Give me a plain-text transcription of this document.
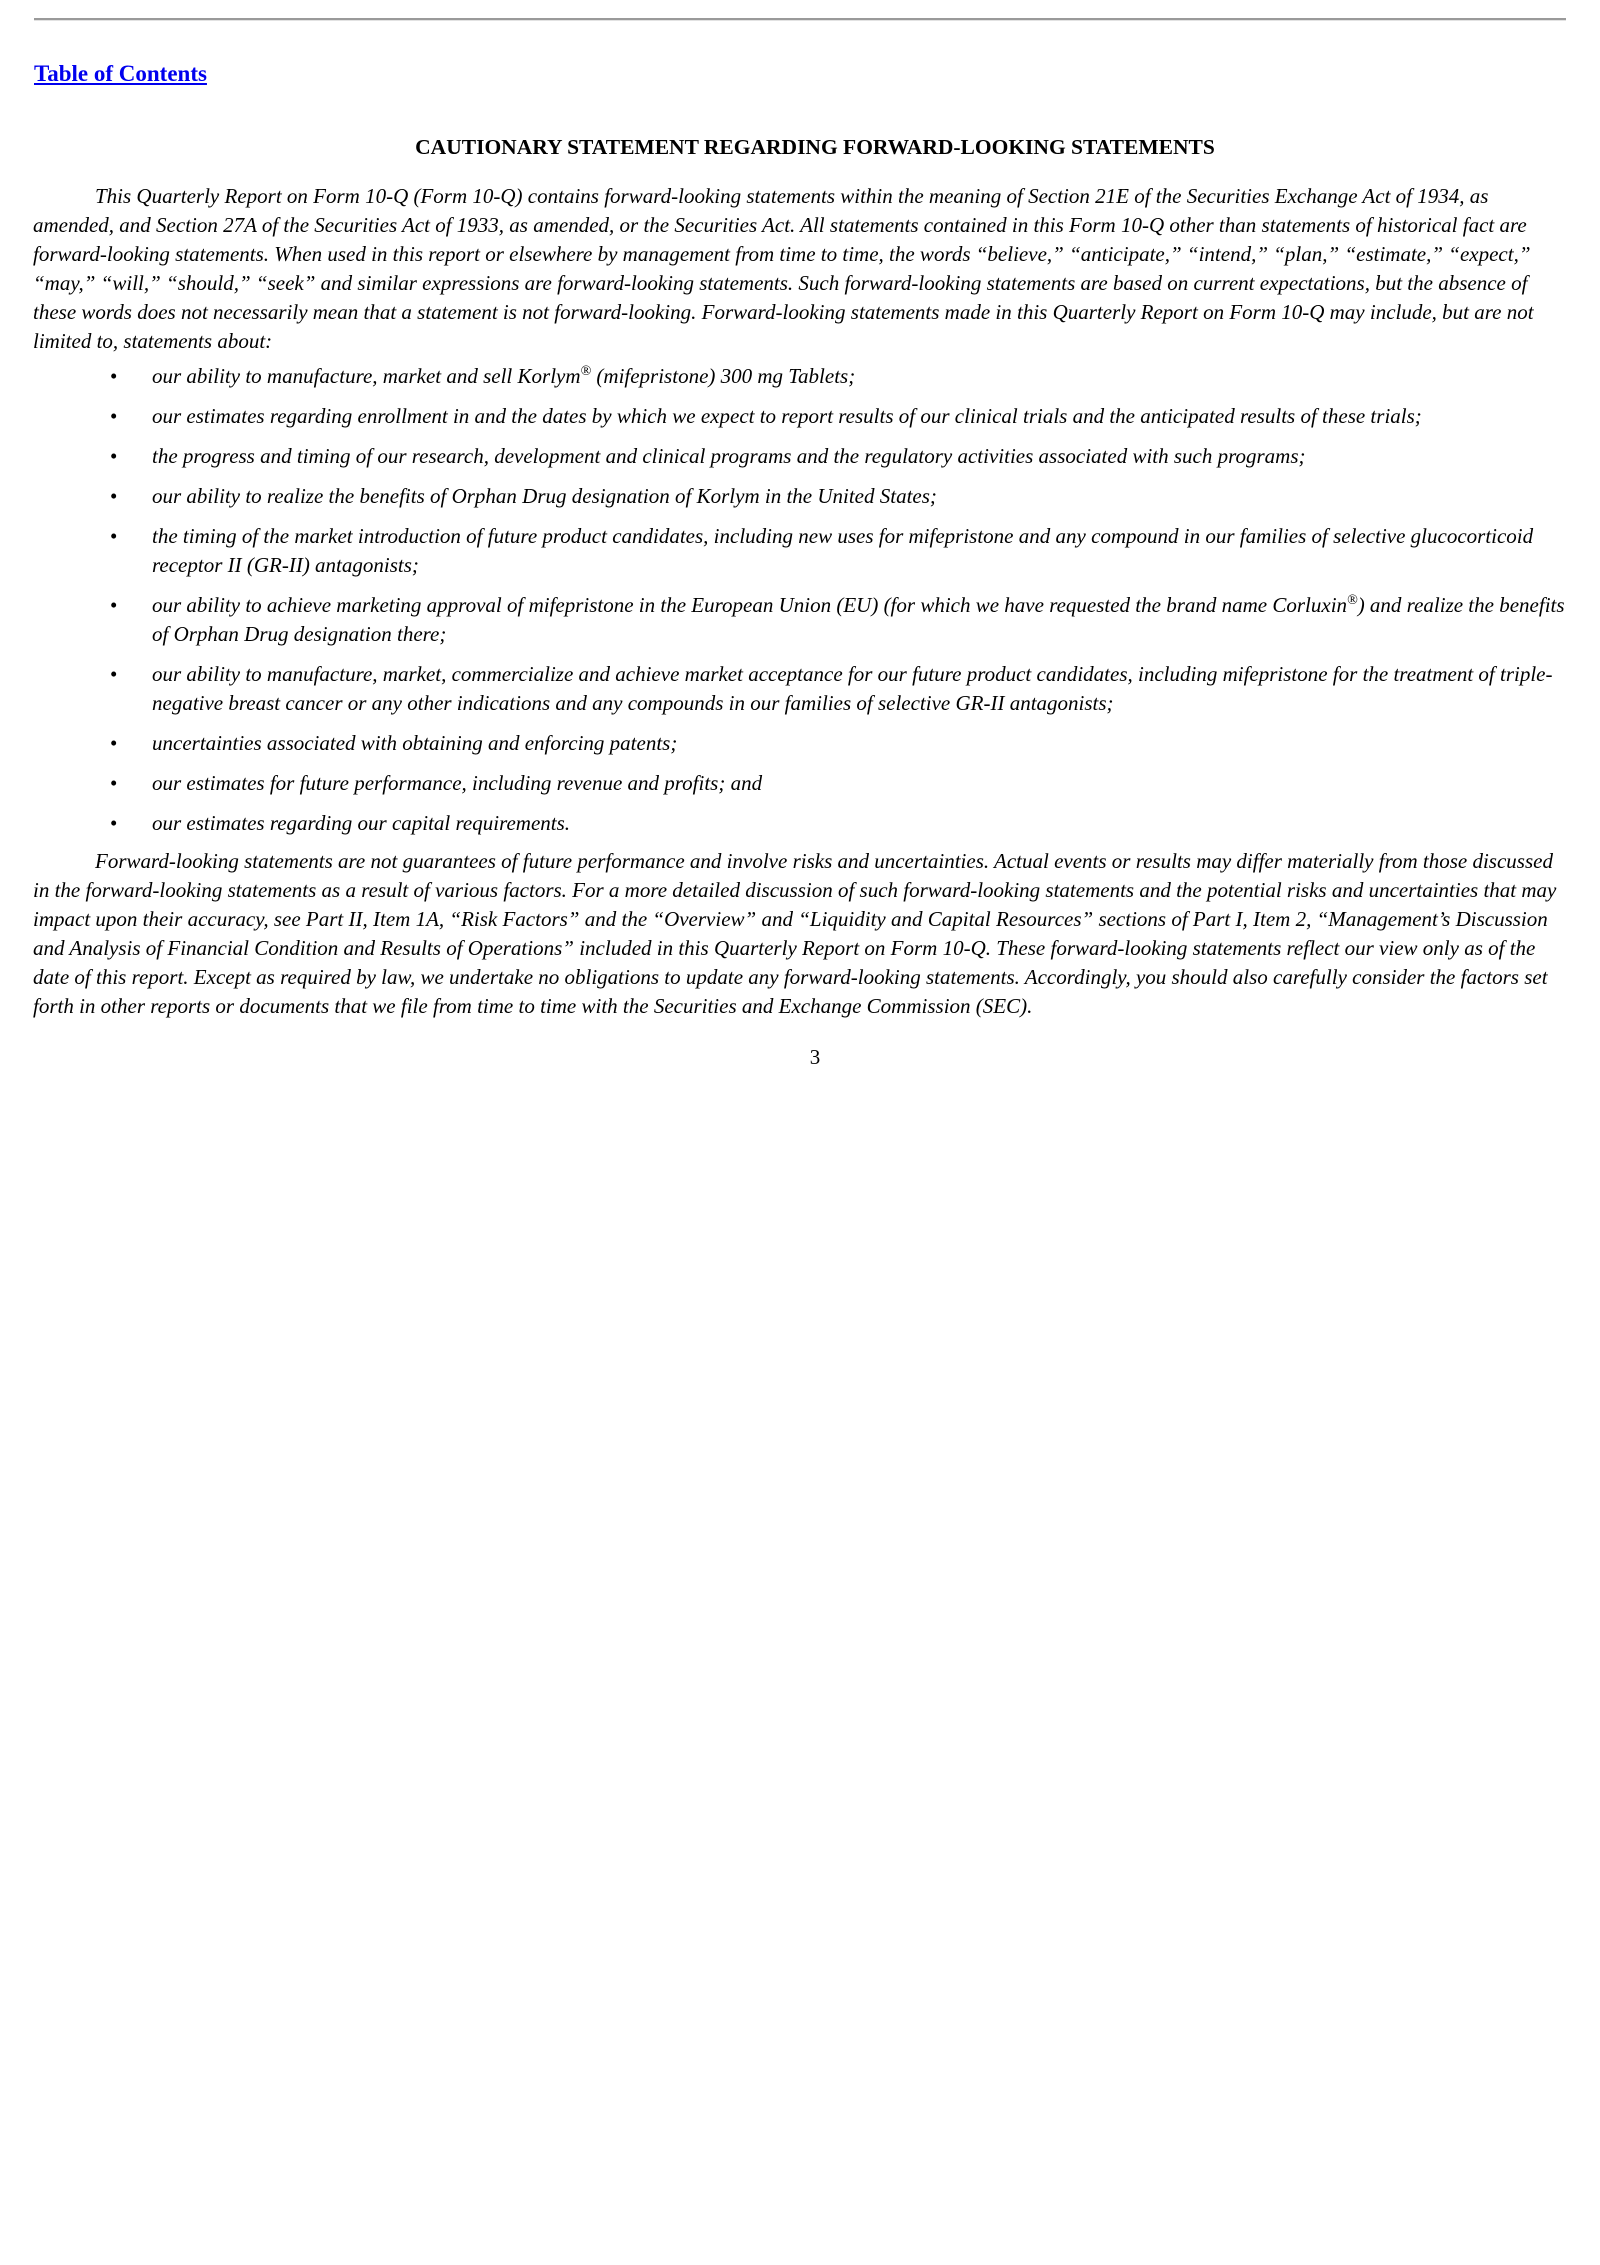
Table of Contents
CAUTIONARY STATEMENT REGARDING FORWARD-LOOKING STATEMENTS

This Quarterly Report on Form 10-Q (Form 10-Q) contains forward-looking statements within the meaning of Section 21E of the Securities Exchange Act of 1934, as amended, and Section 27A of the Securities Act of 1933, as amended, or the Securities Act. All statements contained in this Form 10-Q other than statements of historical fact are forward-looking statements. When used in this report or elsewhere by management from time to time, the words “believe,” “anticipate,” “intend,” “plan,” “estimate,” “expect,” “may,” “will,” “should,” “seek” and similar expressions are forward-looking statements. Such forward-looking statements are based on current expectations, but the absence of these words does not necessarily mean that a statement is not forward-looking. Forward-looking statements made in this Quarterly Report on Form 10-Q may include, but are not limited to, statements about:

• our ability to manufacture, market and sell Korlym® (mifepristone) 300 mg Tablets;
• our estimates regarding enrollment in and the dates by which we expect to report results of our clinical trials and the anticipated results of these trials;
• the progress and timing of our research, development and clinical programs and the regulatory activities associated with such programs;
• our ability to realize the benefits of Orphan Drug designation of Korlym in the United States;
• the timing of the market introduction of future product candidates, including new uses for mifepristone and any compound in our families of selective glucocorticoid receptor II (GR-II) antagonists;
• our ability to achieve marketing approval of mifepristone in the European Union (EU) (for which we have requested the brand name Corluxin®) and realize the benefits of Orphan Drug designation there;
• our ability to manufacture, market, commercialize and achieve market acceptance for our future product candidates, including mifepristone for the treatment of triple-negative breast cancer or any other indications and any compounds in our families of selective GR-II antagonists;
• uncertainties associated with obtaining and enforcing patents;
• our estimates for future performance, including revenue and profits; and
• our estimates regarding our capital requirements.

Forward-looking statements are not guarantees of future performance and involve risks and uncertainties. Actual events or results may differ materially from those discussed in the forward-looking statements as a result of various factors. For a more detailed discussion of such forward-looking statements and the potential risks and uncertainties that may impact upon their accuracy, see Part II, Item 1A, “Risk Factors” and the “Overview” and “Liquidity and Capital Resources” sections of Part I, Item 2, “Management’s Discussion and Analysis of Financial Condition and Results of Operations” included in this Quarterly Report on Form 10-Q. These forward-looking statements reflect our view only as of the date of this report. Except as required by law, we undertake no obligations to update any forward-looking statements. Accordingly, you should also carefully consider the factors set forth in other reports or documents that we file from time to time with the Securities and Exchange Commission (SEC).

3
